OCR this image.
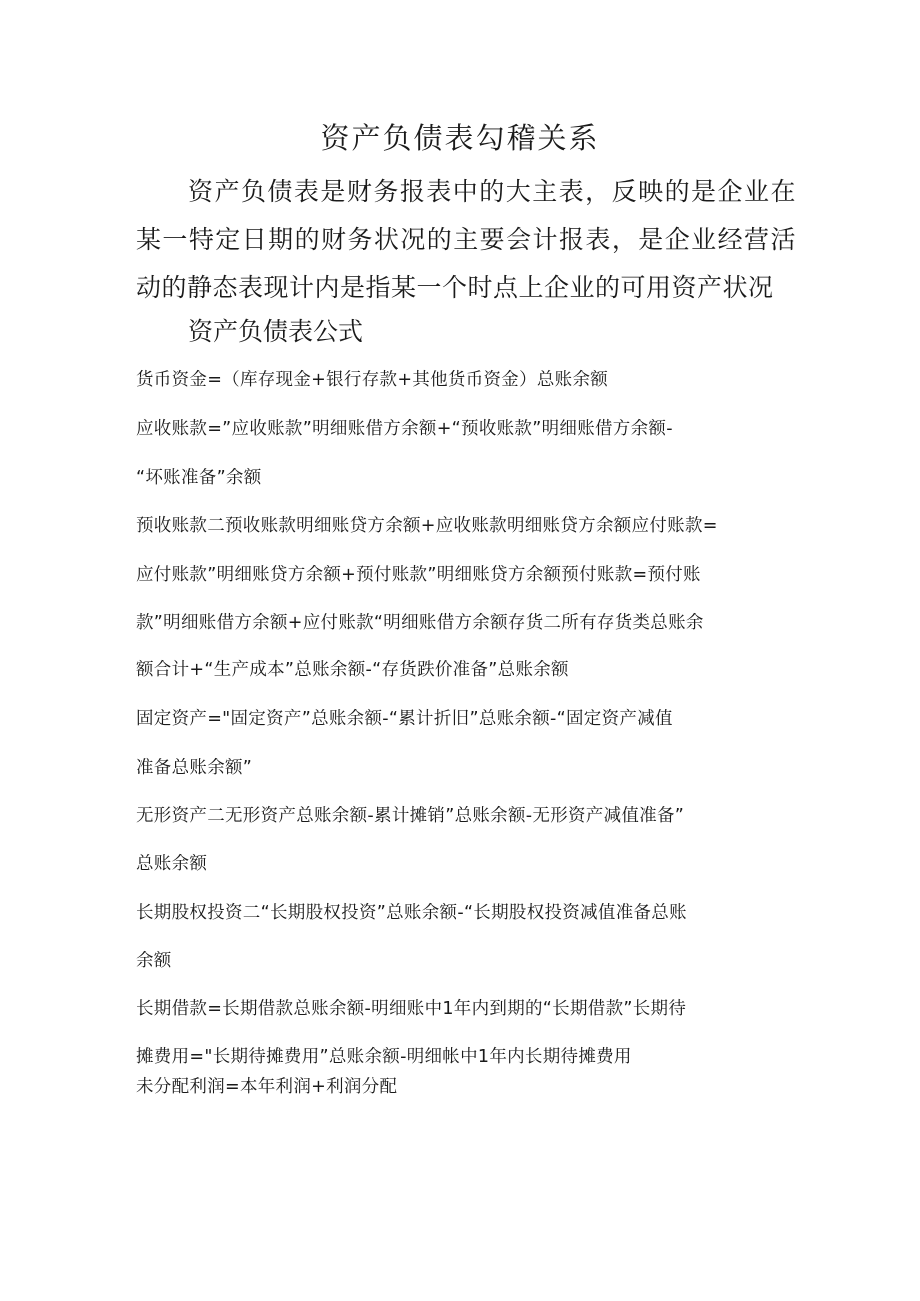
资产负债表勾稽关系
资产负债表是财务报表中的大主表，反映的是企业在某一特定日期的财务状况的主要会计报表，是企业经营活动的静态表现计内是指某一个时点上企业的可用资产状况
资产负债表公式
货币资金=（库存现金+银行存款+其他货币资金）总账余额
应收账款=”应收账款”明细账借方余额+“预收账款”明细账借方余额-
“坏账准备”余额
预收账款二预收账款明细账贷方余额+应收账款明细账贷方余额应付账款=
应付账款”明细账贷方余额+预付账款”明细账贷方余额预付账款=预付账
款”明细账借方余额+应付账款“明细账借方余额存货二所有存货类总账余
额合计+“生产成本”总账余额-“存货跌价准备”总账余额
固定资产="固定资产”总账余额-“累计折旧”总账余额-“固定资产减值
准备总账余额”
无形资产二无形资产总账余额-累计摊销”总账余额-无形资产减值准备”
总账余额
长期股权投资二“长期股权投资”总账余额-“长期股权投资减值准备总账
余额
长期借款=长期借款总账余额-明细账中1年内到期的“长期借款”长期待
摊费用="长期待摊费用”总账余额-明细帐中1年内长期待摊费用
未分配利润=本年利润+利润分配
